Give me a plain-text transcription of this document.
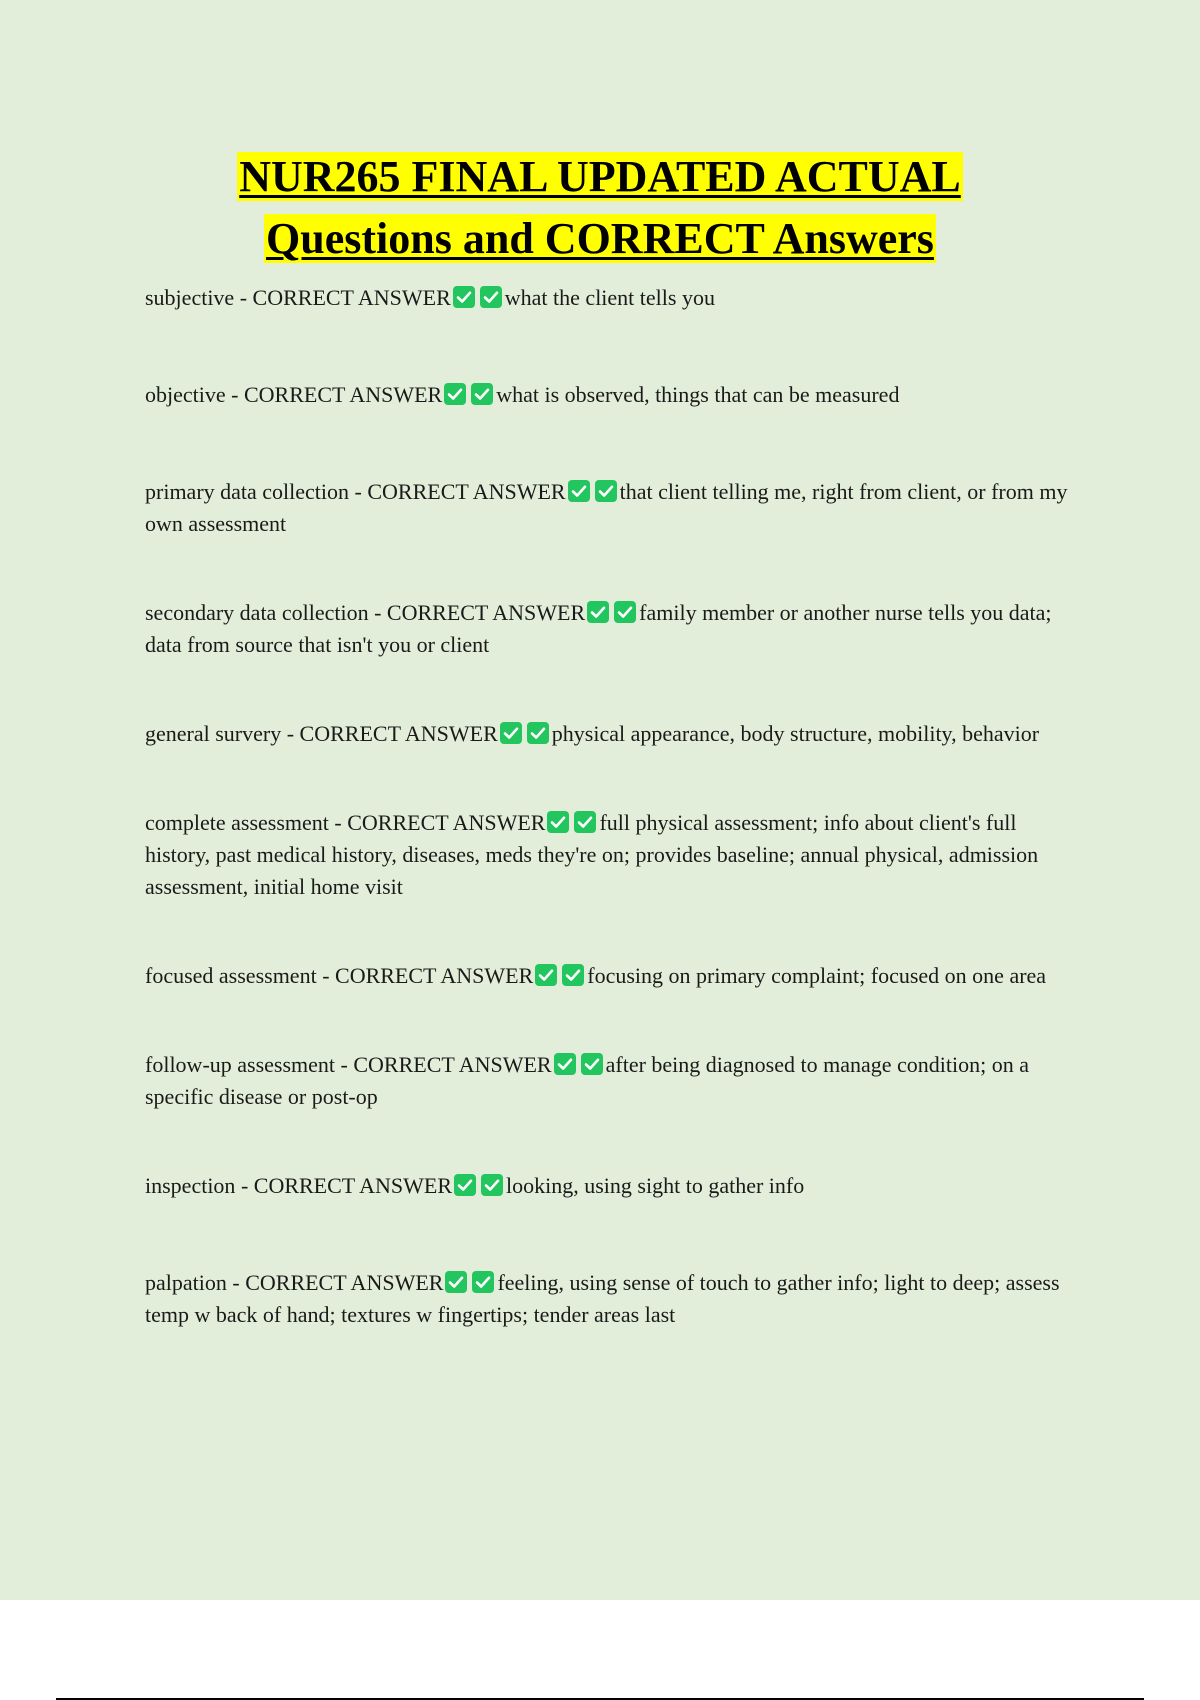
NUR265 FINAL UPDATED ACTUAL
Questions and CORRECT Answers
subjective - CORRECT ANSWER what the client tells you
objective - CORRECT ANSWER what is observed, things that can be measured
primary data collection - CORRECT ANSWER that client telling me, right from client, or from my own assessment
secondary data collection - CORRECT ANSWER family member or another nurse tells you data; data from source that isn't you or client
general survery - CORRECT ANSWER physical appearance, body structure, mobility, behavior
complete assessment - CORRECT ANSWER full physical assessment; info about client's full history, past medical history, diseases, meds they're on; provides baseline; annual physical, admission assessment, initial home visit
focused assessment - CORRECT ANSWER focusing on primary complaint; focused on one area
follow-up assessment - CORRECT ANSWER after being diagnosed to manage condition; on a specific disease or post-op
inspection - CORRECT ANSWER looking, using sight to gather info
palpation - CORRECT ANSWER feeling, using sense of touch to gather info; light to deep; assess temp w back of hand; textures w fingertips; tender areas last
